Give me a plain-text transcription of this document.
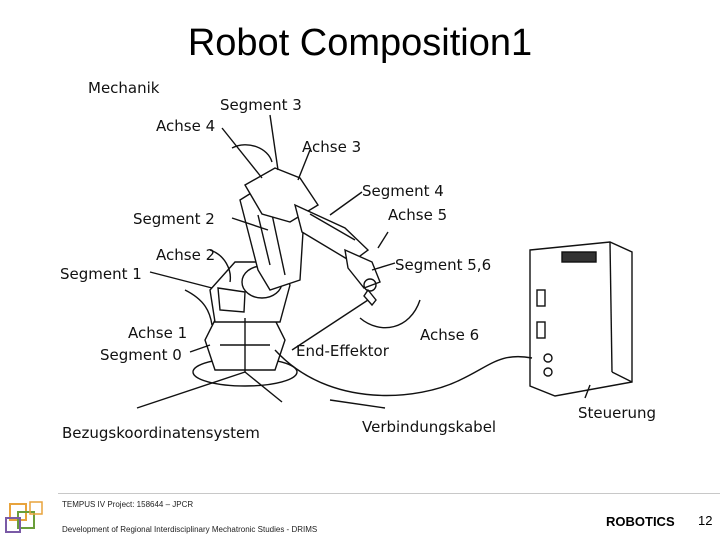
Robot Composition1
Mechanik
Segment 3
Achse 4
Achse 3
Segment 4
Achse 5
Segment 2
Achse 2
Segment 5,6
Segment 1
Achse 1	Achse 6
End-Effektor
Segment 0
Steuerung
Verbindungskabel
Bezugskoordinatensystem
TEMPUS IV Project: 158644 – JPCR
Development of Regional Interdisciplinary Mechatronic Studies - DRIMS
ROBOTICS 12
